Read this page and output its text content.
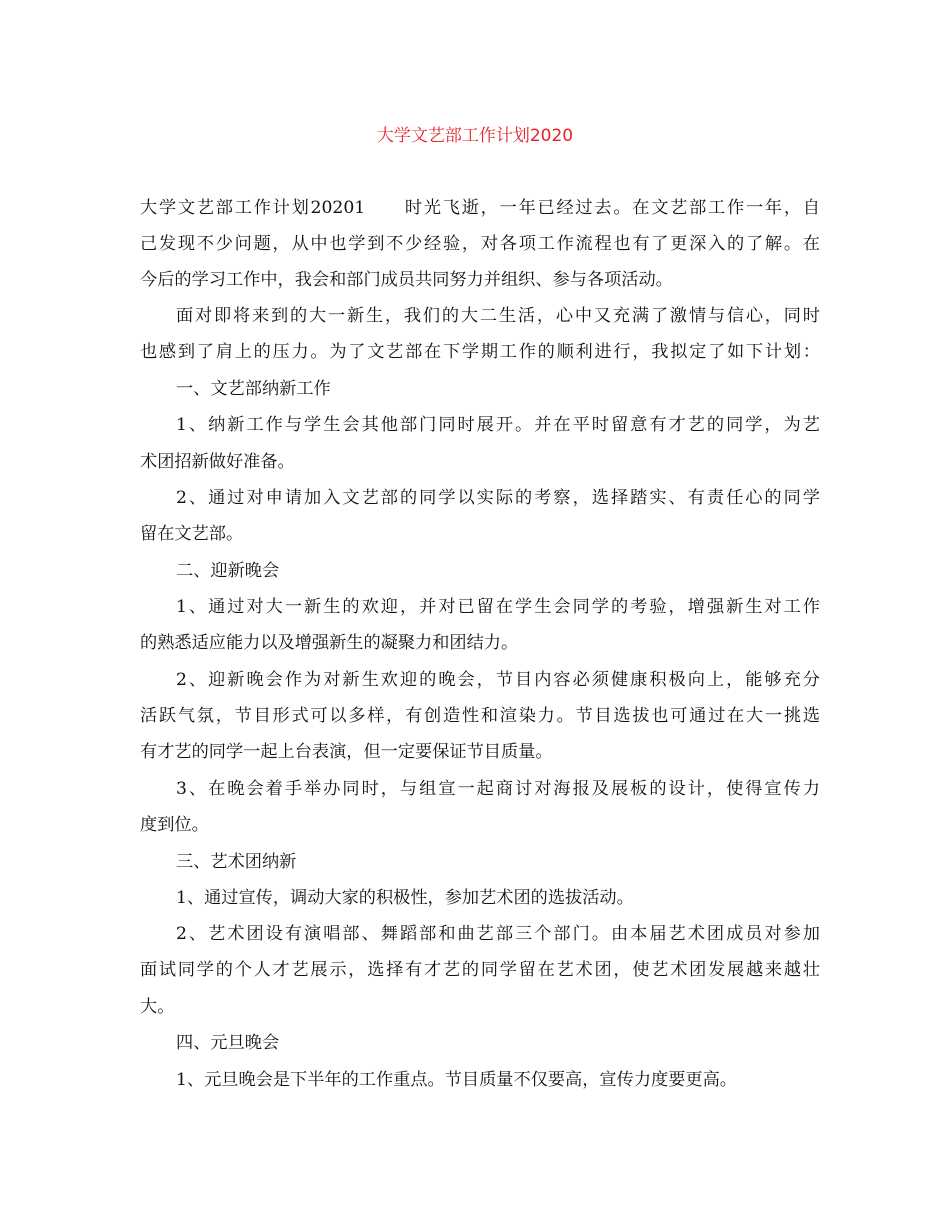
大学文艺部工作计划2020

大学文艺部工作计划20201　　时光飞逝，一年已经过去。在文艺部工作一年，自

己发现不少问题，从中也学到不少经验，对各项工作流程也有了更深入的了解。在

今后的学习工作中，我会和部门成员共同努力并组织、参与各项活动。

面对即将来到的大一新生，我们的大二生活，心中又充满了激情与信心，同时

也感到了肩上的压力。为了文艺部在下学期工作的顺利进行，我拟定了如下计划：

一、文艺部纳新工作

1、纳新工作与学生会其他部门同时展开。并在平时留意有才艺的同学，为艺

术团招新做好准备。

2、通过对申请加入文艺部的同学以实际的考察，选择踏实、有责任心的同学

留在文艺部。

二、迎新晚会

1、通过对大一新生的欢迎，并对已留在学生会同学的考验，增强新生对工作

的熟悉适应能力以及增强新生的凝聚力和团结力。

2、迎新晚会作为对新生欢迎的晚会，节目内容必须健康积极向上，能够充分

活跃气氛，节目形式可以多样，有创造性和渲染力。节目选拔也可通过在大一挑选

有才艺的同学一起上台表演，但一定要保证节目质量。

3、在晚会着手举办同时，与组宣一起商讨对海报及展板的设计，使得宣传力

度到位。

三、艺术团纳新

1、通过宣传，调动大家的积极性，参加艺术团的选拔活动。

2、艺术团设有演唱部、舞蹈部和曲艺部三个部门。由本届艺术团成员对参加

面试同学的个人才艺展示，选择有才艺的同学留在艺术团，使艺术团发展越来越壮

大。

四、元旦晚会

1、元旦晚会是下半年的工作重点。节目质量不仅要高，宣传力度要更高。
